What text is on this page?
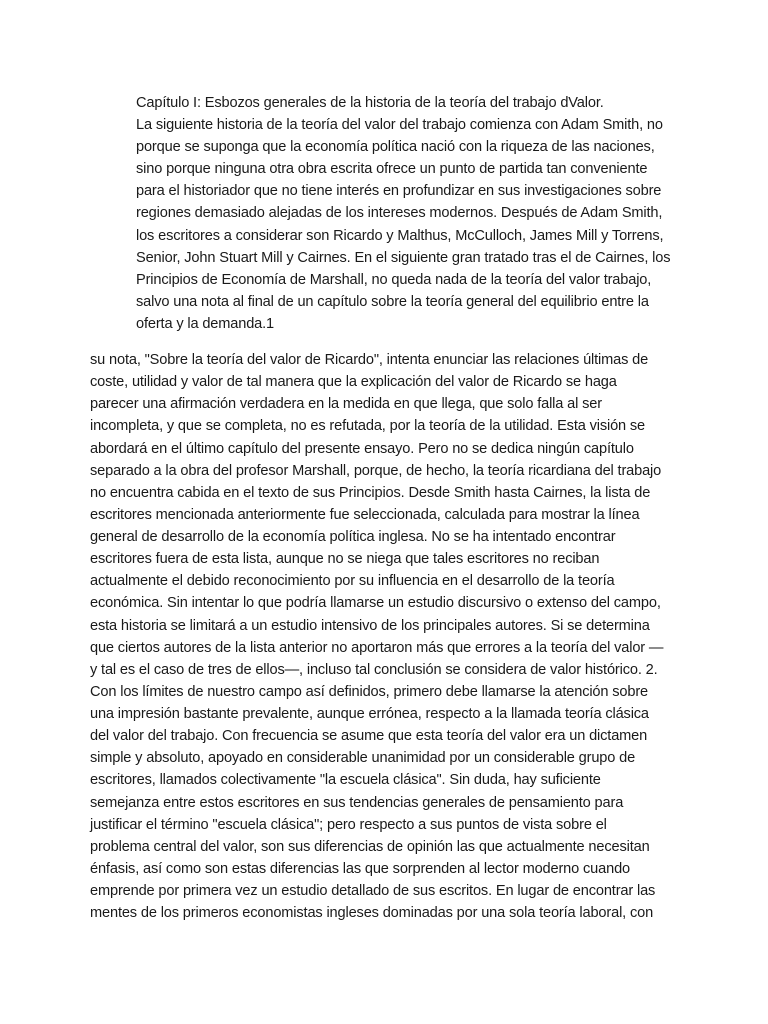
Capítulo I: Esbozos generales de la historia de la teoría del trabajo dValor.
La siguiente historia de la teoría del valor del trabajo comienza con Adam Smith, no
porque se suponga que la economía política nació con la riqueza de las naciones,
sino porque ninguna otra obra escrita ofrece un punto de partida tan conveniente
para el historiador que no tiene interés en profundizar en sus investigaciones sobre
regiones demasiado alejadas de los intereses modernos. Después de Adam Smith,
los escritores a considerar son Ricardo y Malthus, McCulloch, James Mill y Torrens,
Senior, John Stuart Mill y Cairnes. En el siguiente gran tratado tras el de Cairnes, los
Principios de Economía de Marshall, no queda nada de la teoría del valor trabajo,
salvo una nota al final de un capítulo sobre la teoría general del equilibrio entre la
oferta y la demanda.1
su nota, "Sobre la teoría del valor de Ricardo", intenta enunciar las relaciones últimas de
coste, utilidad y valor de tal manera que la explicación del valor de Ricardo se haga
parecer una afirmación verdadera en la medida en que llega, que solo falla al ser
incompleta, y que se completa, no es refutada, por la teoría de la utilidad. Esta visión se
abordará en el último capítulo del presente ensayo. Pero no se dedica ningún capítulo
separado a la obra del profesor Marshall, porque, de hecho, la teoría ricardiana del trabajo
no encuentra cabida en el texto de sus Principios. Desde Smith hasta Cairnes, la lista de
escritores mencionada anteriormente fue seleccionada, calculada para mostrar la línea
general de desarrollo de la economía política inglesa. No se ha intentado encontrar
escritores fuera de esta lista, aunque no se niega que tales escritores no reciban
actualmente el debido reconocimiento por su influencia en el desarrollo de la teoría
económica. Sin intentar lo que podría llamarse un estudio discursivo o extenso del campo,
esta historia se limitará a un estudio intensivo de los principales autores. Si se determina
que ciertos autores de la lista anterior no aportaron más que errores a la teoría del valor —
y tal es el caso de tres de ellos—, incluso tal conclusión se considera de valor histórico. 2.
Con los límites de nuestro campo así definidos, primero debe llamarse la atención sobre
una impresión bastante prevalente, aunque errónea, respecto a la llamada teoría clásica
del valor del trabajo. Con frecuencia se asume que esta teoría del valor era un dictamen
simple y absoluto, apoyado en considerable unanimidad por un considerable grupo de
escritores, llamados colectivamente "la escuela clásica". Sin duda, hay suficiente
semejanza entre estos escritores en sus tendencias generales de pensamiento para
justificar el término "escuela clásica"; pero respecto a sus puntos de vista sobre el
problema central del valor, son sus diferencias de opinión las que actualmente necesitan
énfasis, así como son estas diferencias las que sorprenden al lector moderno cuando
emprende por primera vez un estudio detallado de sus escritos. En lugar de encontrar las
mentes de los primeros economistas ingleses dominadas por una sola teoría laboral, con
